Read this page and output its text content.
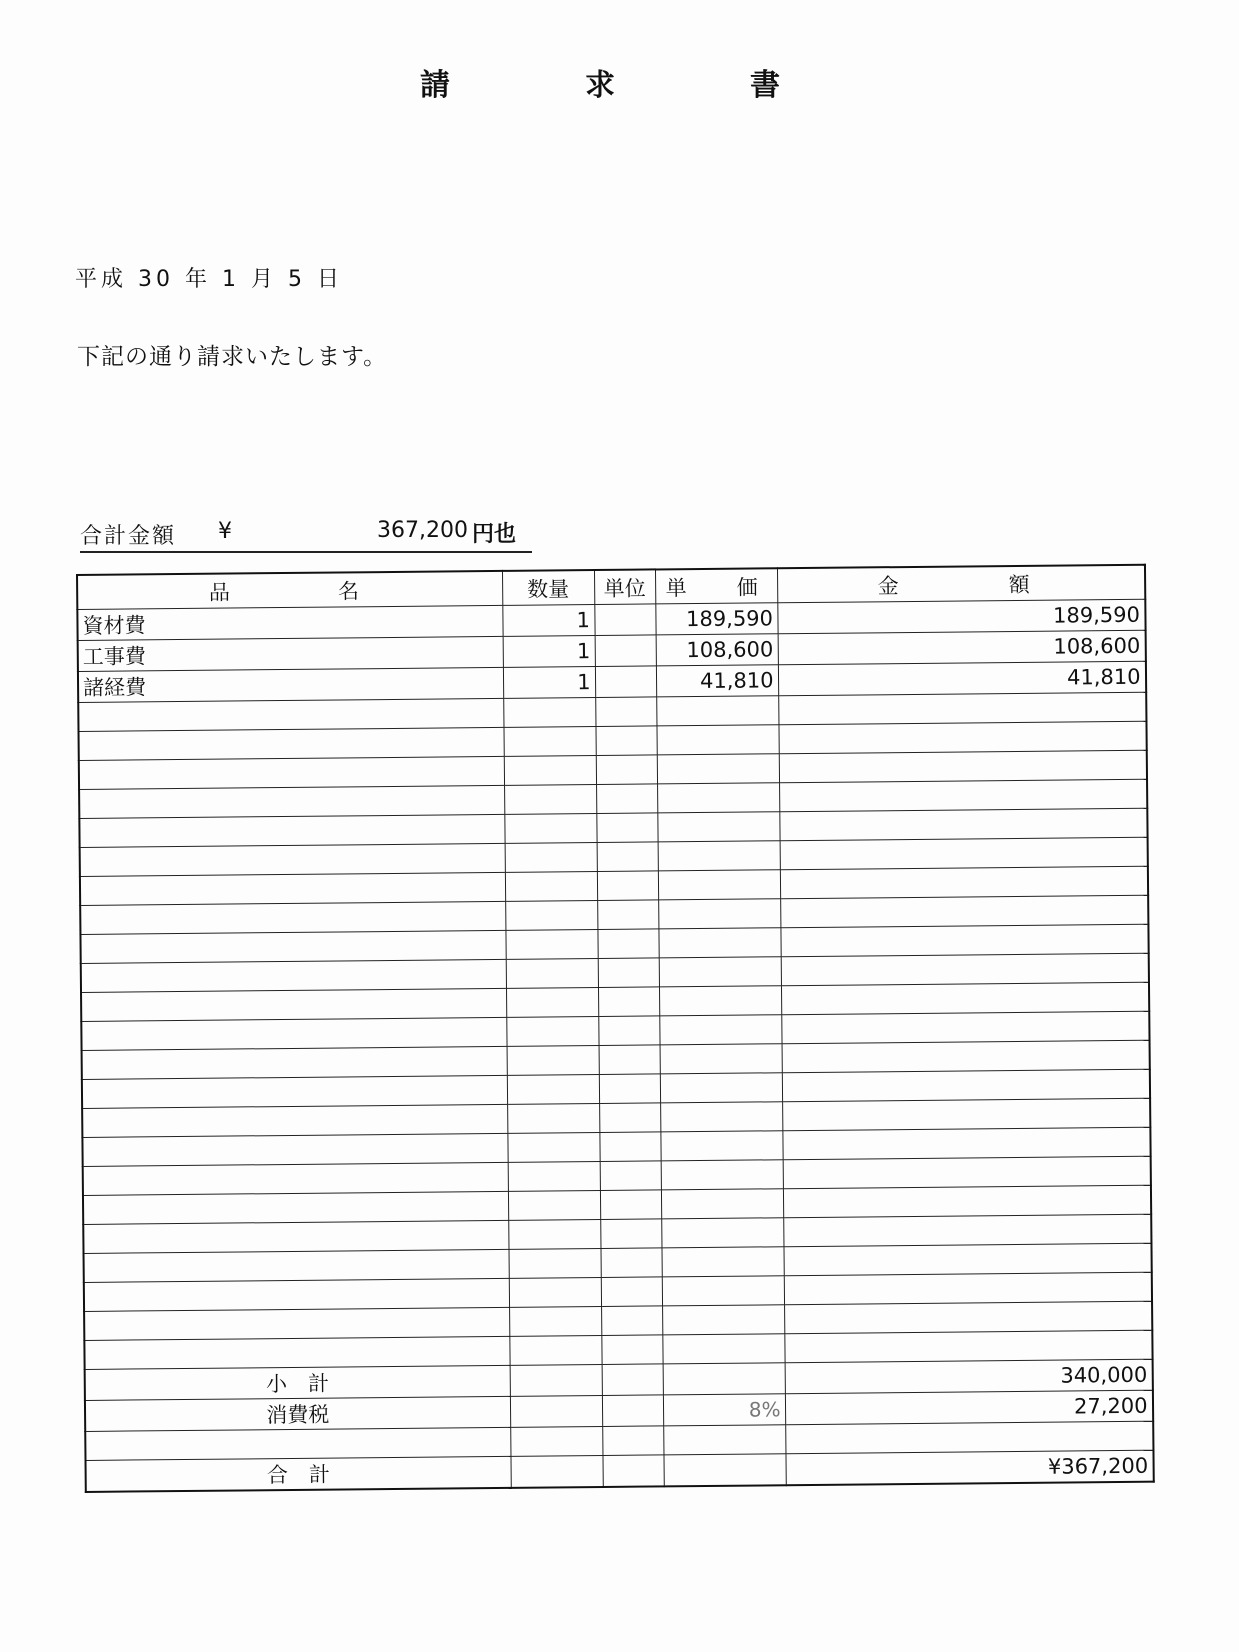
請	求	書
平成 30 年 1 月 5 日
下記の通り請求いたします。
合計金額 ¥	367,200 円也
品名	数量	単位	単 価	金額
資材費	1		189,590	189,590
工事費	1		108,600	108,600
諸経費	1		41,810	41,810

小　計				340,000
消費税			8%	27,200

合　計				¥367,200
